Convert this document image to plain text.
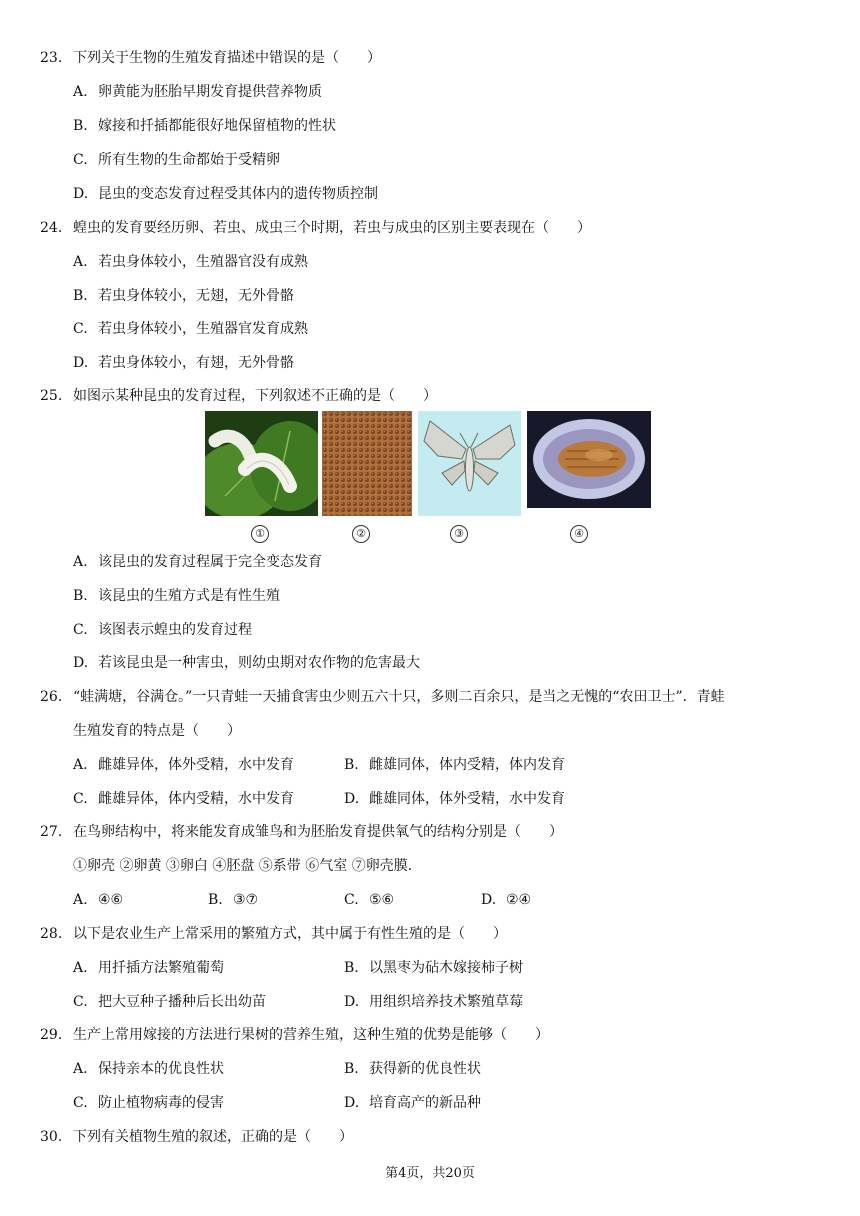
23. 下列关于生物的生殖发育描述中错误的是（　　）
A. 卵黄能为胚胎早期发育提供营养物质
B. 嫁接和扦插都能很好地保留植物的性状
C. 所有生物的生命都始于受精卵
D. 昆虫的变态发育过程受其体内的遗传物质控制
24. 蝗虫的发育要经历卵、若虫、成虫三个时期，若虫与成虫的区别主要表现在（　　）
A. 若虫身体较小，生殖器官没有成熟
B. 若虫身体较小，无翅，无外骨骼
C. 若虫身体较小，生殖器官发育成熟
D. 若虫身体较小，有翅，无外骨骼
25. 如图示某种昆虫的发育过程，下列叙述不正确的是（　　）
①	②	③	④
A. 该昆虫的发育过程属于完全变态发育
B. 该昆虫的生殖方式是有性生殖
C. 该图表示蝗虫的发育过程
D. 若该昆虫是一种害虫，则幼虫期对农作物的危害最大
26. “蛙满塘，谷满仓。”一只青蛙一天捕食害虫少则五六十只，多则二百余只，是当之无愧的“农田卫士”．青蛙
生殖发育的特点是（　　）
A. 雌雄异体，体外受精，水中发育	B. 雌雄同体，体内受精，体内发育
C. 雌雄异体，体内受精，水中发育	D. 雌雄同体，体外受精，水中发育
27. 在鸟卵结构中，将来能发育成雏鸟和为胚胎发育提供氧气的结构分别是（　　）
①卵壳 ②卵黄 ③卵白 ④胚盘 ⑤系带 ⑥气室 ⑦卵壳膜．
A. ④⑥	B. ③⑦	C. ⑤⑥	D. ②④
28. 以下是农业生产上常采用的繁殖方式，其中属于有性生殖的是（　　）
A. 用扦插方法繁殖葡萄	B. 以黑枣为砧木嫁接柿子树
C. 把大豆种子播种后长出幼苗	D. 用组织培养技术繁殖草莓
29. 生产上常用嫁接的方法进行果树的营养生殖，这种生殖的优势是能够（　　）
A. 保持亲本的优良性状	B. 获得新的优良性状
C. 防止植物病毒的侵害	D. 培育高产的新品种
30. 下列有关植物生殖的叙述，正确的是（　　）
第4页，共20页
